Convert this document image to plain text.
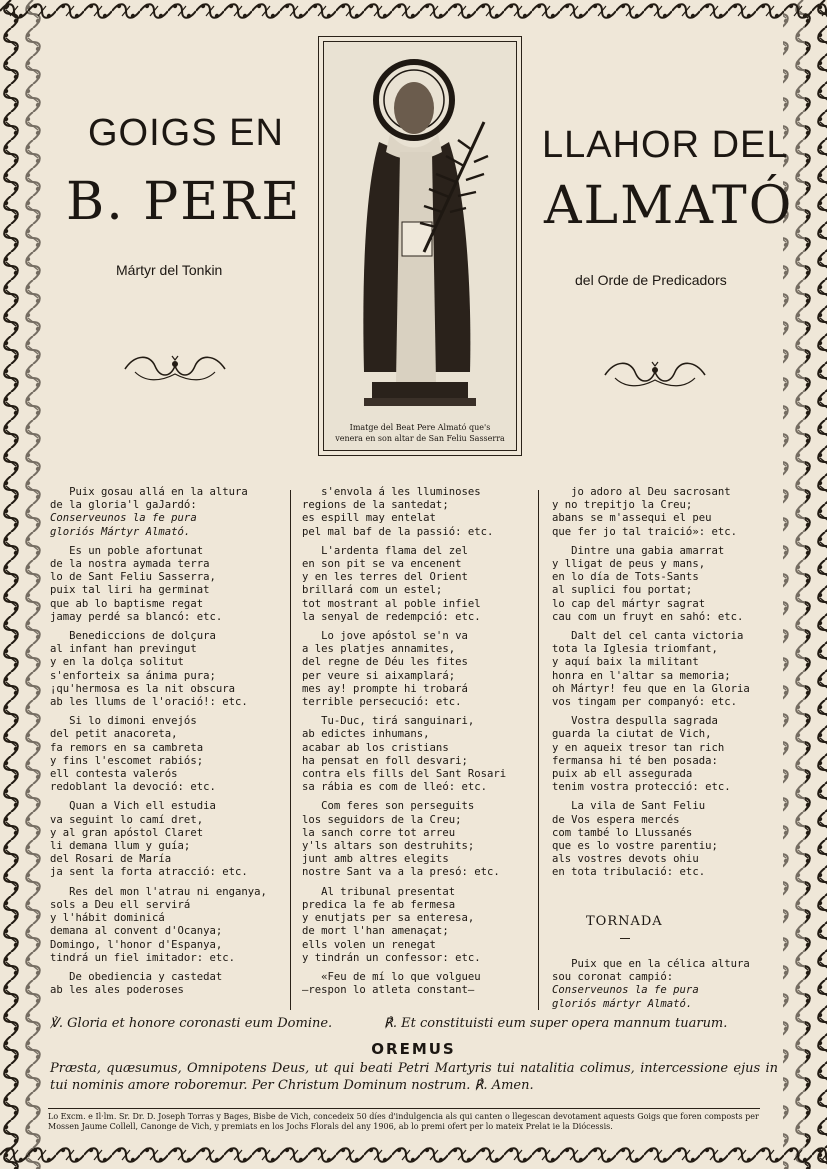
GOIGS EN	LLAHOR DEL
B. PERE	ALMATÓ
Mártyr del Tonkin
del Orde de Predicadors
Imatge del Beat Pere Almató que's
venera en son altar de San Feliu Sasserra
Puix gosau allá en la altura
de la gloria'l gaJardó:
Conserveunos la fe pura
gloriós Mártyr Almató.
Es un poble afortunat
de la nostra aymada terra
lo de Sant Feliu Sasserra,
puix tal liri ha germinat
que ab lo baptisme regat
jamay perdé sa blancó: etc.
Benediccions de dolçura
al infant han previngut
y en la dolça solitut
s'enforteix sa ánima pura;
¡qu'hermosa es la nit obscura
ab les llums de l'oració!: etc.
Si lo dimoni envejós
del petit anacoreta,
fa remors en sa cambreta
y fins l'escomet rabiós;
ell contesta valerós
redoblant la devoció: etc.
Quan a Vich ell estudia
va seguint lo camí dret,
y al gran apóstol Claret
li demana llum y guía;
del Rosari de María
ja sent la forta atracció: etc.
Res del mon l'atrau ni enganya,
sols a Deu ell servirá
y l'hábit dominicá
demana al convent d'Ocanya;
Domingo, l'honor d'Espanya,
tindrá un fiel imitador: etc.
De obediencia y castedat
ab les ales poderoses
s'envola á les lluminoses
regions de la santedat;
es espill may entelat
pel mal baf de la passió: etc.
L'ardenta flama del zel
en son pit se va encenent
y en les terres del Orient
brillará com un estel;
tot mostrant al poble infiel
la senyal de redempció: etc.
Lo jove apóstol se'n va
a les platjes annamites,
del regne de Déu les fites
per veure si aixamplará;
mes ay! prompte hi trobará
terrible persecució: etc.
Tu-Duc, tirá sanguinari,
ab edictes inhumans,
acabar ab los cristians
ha pensat en foll desvari;
contra els fills del Sant Rosari
sa rábia es com de lleó: etc.
Com feres son perseguits
los seguidors de la Creu;
la sanch corre tot arreu
y'ls altars son destruhits;
junt amb altres elegits
nostre Sant va a la presó: etc.
Al tribunal presentat
predica la fe ab fermesa
y enutjats per sa enteresa,
de mort l'han amenaçat;
ells volen un renegat
y tindrán un confessor: etc.
«Feu de mí lo que volgueu
—respon lo atleta constant—
jo adoro al Deu sacrosant
y no trepitjo la Creu;
abans se m'assequi el peu
que fer jo tal traició»: etc.
Dintre una gabia amarrat
y lligat de peus y mans,
en lo día de Tots-Sants
al suplici fou portat;
lo cap del mártyr sagrat
cau com un fruyt en sahó: etc.
Dalt del cel canta victoria
tota la Iglesia triomfant,
y aquí baix la militant
honra en l'altar sa memoria;
oh Mártyr! feu que en la Gloria
vos tingam per companyó: etc.
Vostra despulla sagrada
guarda la ciutat de Vich,
y en aqueix tresor tan rich
fermansa hi té ben posada:
puix ab ell assegurada
tenim vostra protecció: etc.
La vila de Sant Feliu
de Vos espera mercés
com també lo Llussanés
que es lo vostre parentiu;
als vostres devots ohiu
en tota tribulació: etc.
TORNADA
Puix que en la célica altura
sou coronat campió:
Conserveunos la fe pura
gloriós mártyr Almató.
℣. Gloria et honore coronasti eum Domine.	℟. Et constituisti eum super opera mannum tuarum.
OREMUS
Præsta, quæsumus, Omnipotens Deus, ut qui beati Petri Martyris tui natalitia colimus, intercessione ejus in tui nominis amore roboremur. Per Christum Dominum nostrum. ℟. Amen.
Lo Excm. e Il·lm. Sr. Dr. D. Joseph Torras y Bages, Bisbe de Vich, concedeix 50 díes d'indulgencia als qui canten o llegescan devotament aquests Goigs que foren composts per Mossen Jaume Collell, Canonge de Vich, y premiats en los Jochs Florals del any 1906, ab lo premi ofert per lo mateix Prelat ie la Diócessis.
